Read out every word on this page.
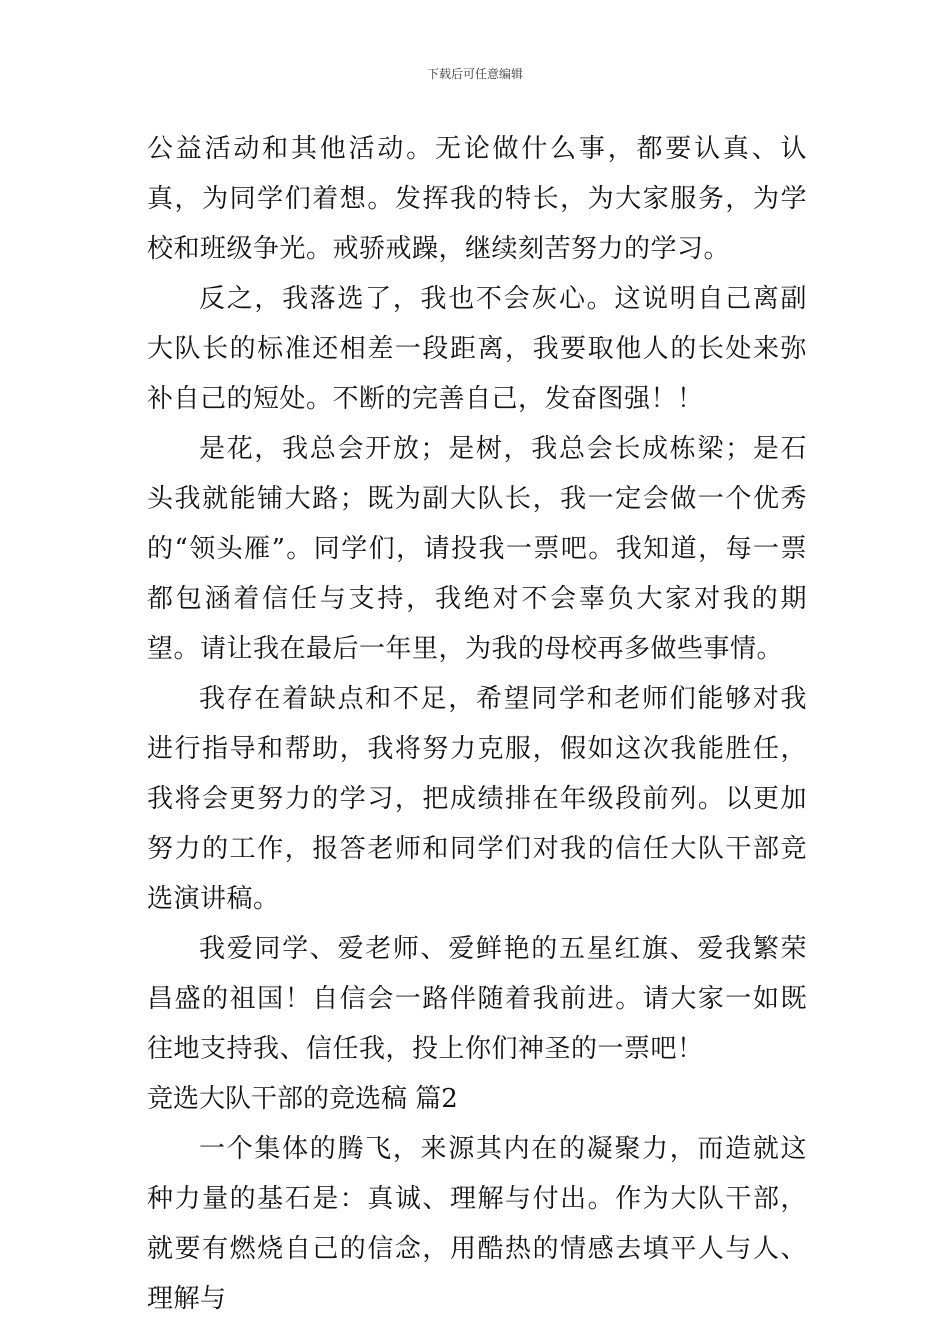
下载后可任意编辑

公益活动和其他活动。无论做什么事，都要认真、认真，为同学们着想。发挥我的特长，为大家服务，为学校和班级争光。戒骄戒躁，继续刻苦努力的学习。

反之，我落选了，我也不会灰心。这说明自己离副大队长的标准还相差一段距离，我要取他人的长处来弥补自己的短处。不断的完善自己，发奋图强！！

是花，我总会开放；是树，我总会长成栋梁；是石头我就能铺大路；既为副大队长，我一定会做一个优秀的“领头雁”。同学们，请投我一票吧。我知道，每一票都包涵着信任与支持，我绝对不会辜负大家对我的期望。请让我在最后一年里，为我的母校再多做些事情。

我存在着缺点和不足，希望同学和老师们能够对我进行指导和帮助，我将努力克服，假如这次我能胜任，我将会更努力的学习，把成绩排在年级段前列。以更加努力的工作，报答老师和同学们对我的信任大队干部竞选演讲稿。

我爱同学、爱老师、爱鲜艳的五星红旗、爱我繁荣昌盛的祖国！自信会一路伴随着我前进。请大家一如既往地支持我、信任我，投上你们神圣的一票吧！

竞选大队干部的竞选稿 篇2

一个集体的腾飞，来源其内在的凝聚力，而造就这种力量的基石是：真诚、理解与付出。作为大队干部，就要有燃烧自己的信念，用酷热的情感去填平人与人、理解与
